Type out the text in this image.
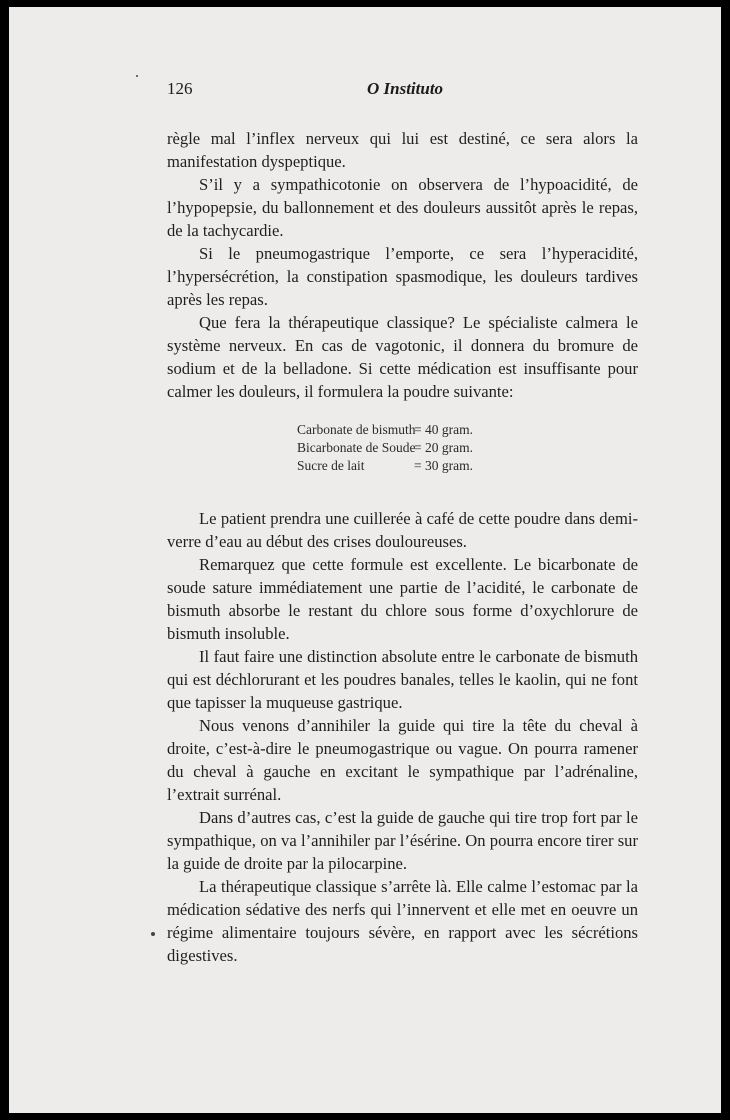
126	O Instituto

règle mal l’inflex nerveux qui lui est destiné, ce sera alors la manifestation dyspeptique.

S’il y a sympathicotonie on observera de l’hypoacidité, de l’hypopepsie, du ballonnement et des douleurs aussitôt après le repas, de la tachycardie.

Si le pneumogastrique l’emporte, ce sera l’hyperacidité, l’hypersécrétion, la constipation spasmodique, les douleurs tardives après les repas.

Que fera la thérapeutique classique? Le spécialiste calmera le système nerveux. En cas de vagotonic, il donnera du bromure de sodium et de la belladone. Si cette médication est insuffisante pour calmer les douleurs, il formulera la poudre suivante:

Carbonate de bismuth
= 40 gram.
Bicarbonate de Soude
= 20 gram.
Sucre de lait	= 30 gram.

Le patient prendra une cuillerée à café de cette poudre dans demi-verre d’eau au début des crises douloureuses.

Remarquez que cette formule est excellente. Le bicarbonate de soude sature immédiatement une partie de l’acidité, le carbonate de bismuth absorbe le restant du chlore sous forme d’oxychlorure de bismuth insoluble.

Il faut faire une distinction absolute entre le carbonate de bismuth qui est déchlorurant et les poudres banales, telles le kaolin, qui ne font que tapisser la muqueuse gastrique.

Nous venons d’annihiler la guide qui tire la tête du cheval à droite, c’est-à-dire le pneumogastrique ou vague. On pourra ramener du cheval à gauche en excitant le sympathique par l’adrénaline, l’extrait surrénal.

Dans d’autres cas, c’est la guide de gauche qui tire trop fort par le sympathique, on va l’annihiler par l’ésérine. On pourra encore tirer sur la guide de droite par la pilocarpine.

La thérapeutique classique s’arrête là. Elle calme l’estomac par la médication sédative des nerfs qui l’innervent et elle met en oeuvre un régime alimentaire toujours sévère, en rapport avec les sécrétions digestives.
